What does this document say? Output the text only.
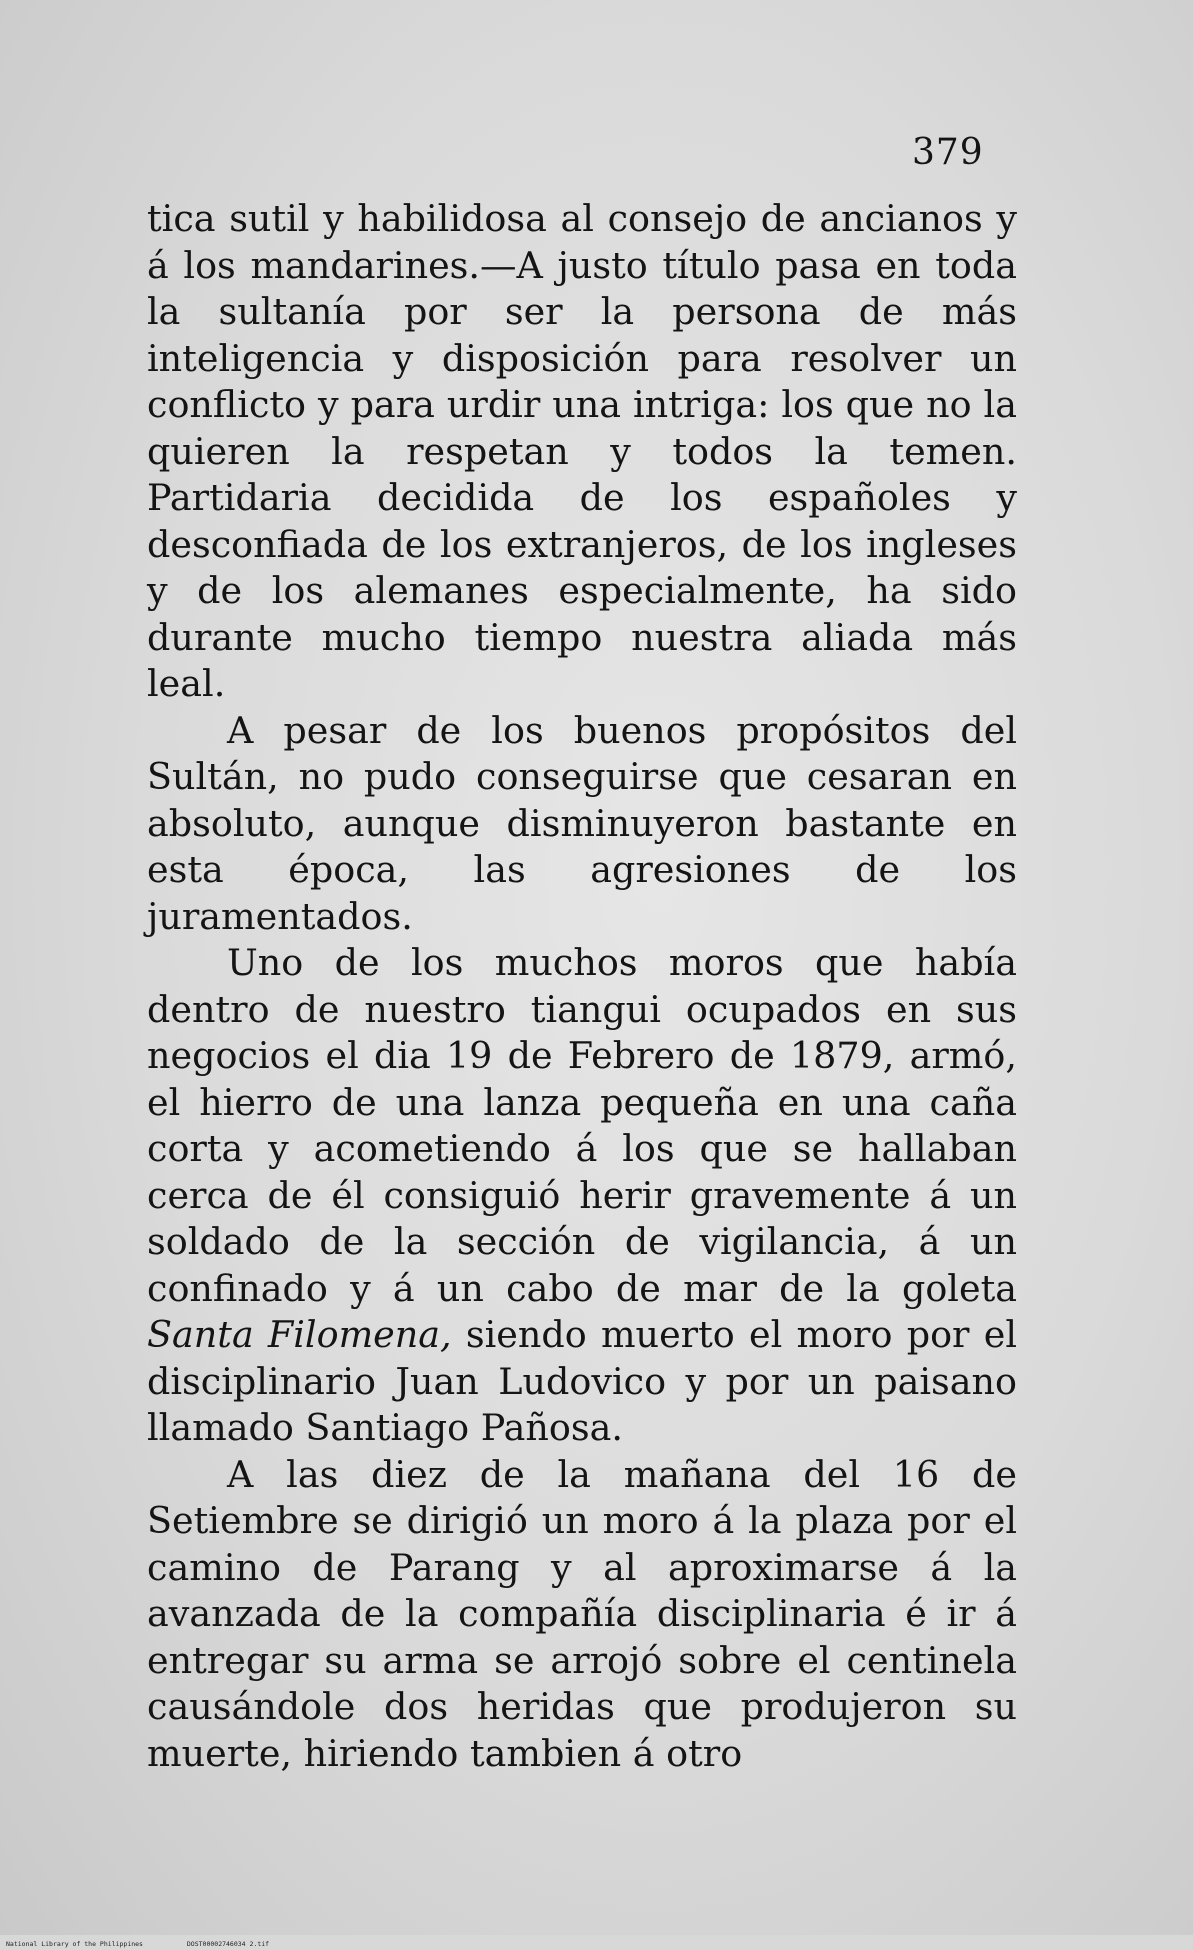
379

tica sutil y habilidosa al consejo de ancianos y á los mandarines.—A justo título pasa en toda la sultanía por ser la persona de más inteligencia y disposición para resolver un conflicto y para urdir una intriga: los que no la quieren la respetan y todos la temen. Partidaria decidida de los españoles y desconfiada de los extranjeros, de los ingleses y de los alemanes especialmente, ha sido durante mucho tiempo nuestra aliada más leal.

A pesar de los buenos propósitos del Sultán, no pudo conseguirse que cesaran en absoluto, aunque disminuyeron bastante en esta época, las agresiones de los juramentados.

Uno de los muchos moros que había dentro de nuestro tiangui ocupados en sus negocios el dia 19 de Febrero de 1879, armó, el hierro de una lanza pequeña en una caña corta y acometiendo á los que se hallaban cerca de él consiguió herir gravemente á un soldado de la sección de vigilancia, á un confinado y á un cabo de mar de la goleta Santa Filomena, siendo muerto el moro por el disciplinario Juan Ludovico y por un paisano llamado Santiago Pañosa.

A las diez de la mañana del 16 de Setiembre se dirigió un moro á la plaza por el camino de Parang y al aproximarse á la avanzada de la compañía disciplinaria é ir á entregar su arma se arrojó sobre el centinela causándole dos heridas que produjeron su muerte, hiriendo tambien á otro

National Library of the Philippines	DOST00002746034 2.tif
